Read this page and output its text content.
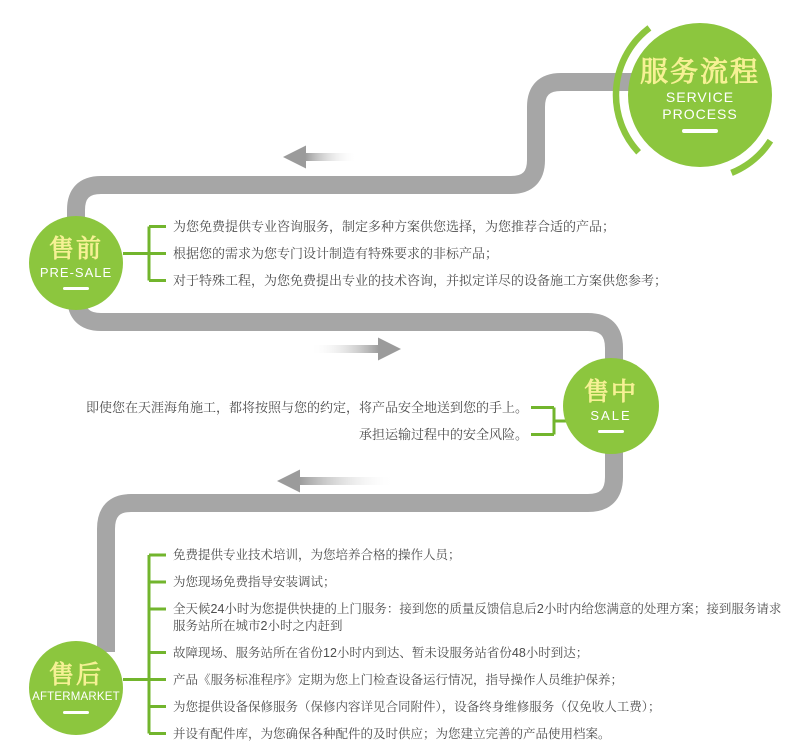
服务流程
SERVICE PROCESS
售前
PRE-SALE
售中
SALE
售后
AFTERMARKET
为您免费提供专业咨询服务，制定多种方案供您选择，为您推荐合适的产品；
根据您的需求为您专门设计制造有特殊要求的非标产品；
对于特殊工程，为您免费提出专业的技术咨询，并拟定详尽的设备施工方案供您参考；
即使您在天涯海角施工，都将按照与您的约定，将产品安全地送到您的手上。
承担运输过程中的安全风险。
免费提供专业技术培训，为您培养合格的操作人员；
为您现场免费指导安装调试；
全天候24小时为您提供快捷的上门服务：接到您的质量反馈信息后2小时内给您满意的处理方案；接到服务请求
服务站所在城市2小时之内赶到
故障现场、服务站所在省份12小时内到达、暂未设服务站省份48小时到达；
产品《服务标准程序》定期为您上门检查设备运行情况，指导操作人员维护保养；
为您提供设备保修服务（保修内容详见合同附件），设备终身维修服务（仅免收人工费）；
并设有配件库，为您确保各种配件的及时供应；为您建立完善的产品使用档案。
